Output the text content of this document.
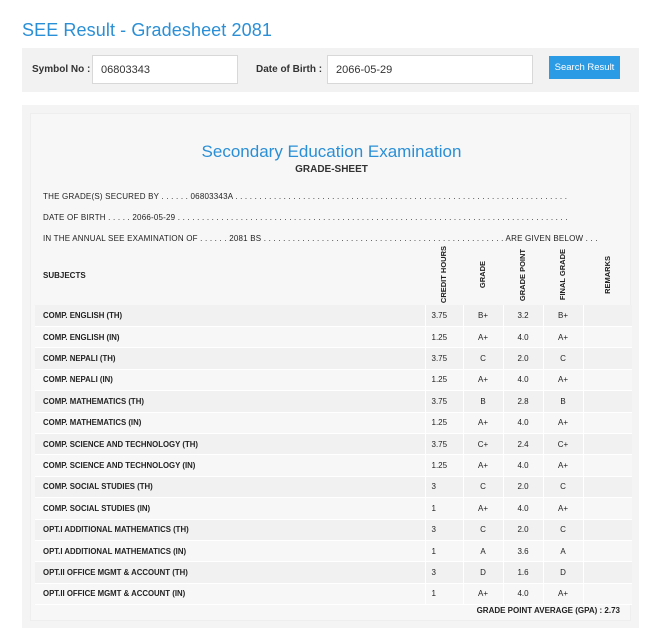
SEE Result - Gradesheet 2081
Symbol No :
06803343	Date of Birth :
2066-05-29	Search Result
Secondary Education Examination
GRADE-SHEET
THE GRADE(S) SECURED BY . . . . . . 06803343A . . . . . . . . . . . . . . . . . . . . . . . . . . . . . . . . . . . . . . . . . . . . . . . . . . . . . . . . . . . . . . . . . . . . .
DATE OF BIRTH . . . . . 2066-05-29 . . . . . . . . . . . . . . . . . . . . . . . . . . . . . . . . . . . . . . . . . . . . . . . . . . . . . . . . . . . . . . . . . . . . . . . . . . . . . . . . .
IN THE ANNUAL SEE EXAMINATION OF . . . . . . 2081 BS . . . . . . . . . . . . . . . . . . . . . . . . . . . . . . . . . . . . . . . . . . . . . . . . . . ARE GIVEN BELOW . . .
SUBJECTS	CREDIT HOURS	GRADE	GRADE POINT	FINAL GRADE	REMARKS
COMP. ENGLISH (TH)	3.75	B+	3.2	B+	
COMP. ENGLISH (IN)	1.25	A+	4.0	A+	
COMP. NEPALI (TH)	3.75	C	2.0	C	
COMP. NEPALI (IN)	1.25	A+	4.0	A+	
COMP. MATHEMATICS (TH)	3.75	B	2.8	B	
COMP. MATHEMATICS (IN)	1.25	A+	4.0	A+	
COMP. SCIENCE AND TECHNOLOGY (TH)	3.75	C+	2.4	C+	
COMP. SCIENCE AND TECHNOLOGY (IN)	1.25	A+	4.0	A+	
COMP. SOCIAL STUDIES (TH)	3	C	2.0	C	
COMP. SOCIAL STUDIES (IN)	1	A+	4.0	A+	
OPT.I ADDITIONAL MATHEMATICS (TH)	3	C	2.0	C	
OPT.I ADDITIONAL MATHEMATICS (IN)	1	A	3.6	A	
OPT.II OFFICE MGMT & ACCOUNT (TH)	3	D	1.6	D	
OPT.II OFFICE MGMT & ACCOUNT (IN)	1	A+	4.0	A+	
GRADE POINT AVERAGE (GPA) : 2.73
